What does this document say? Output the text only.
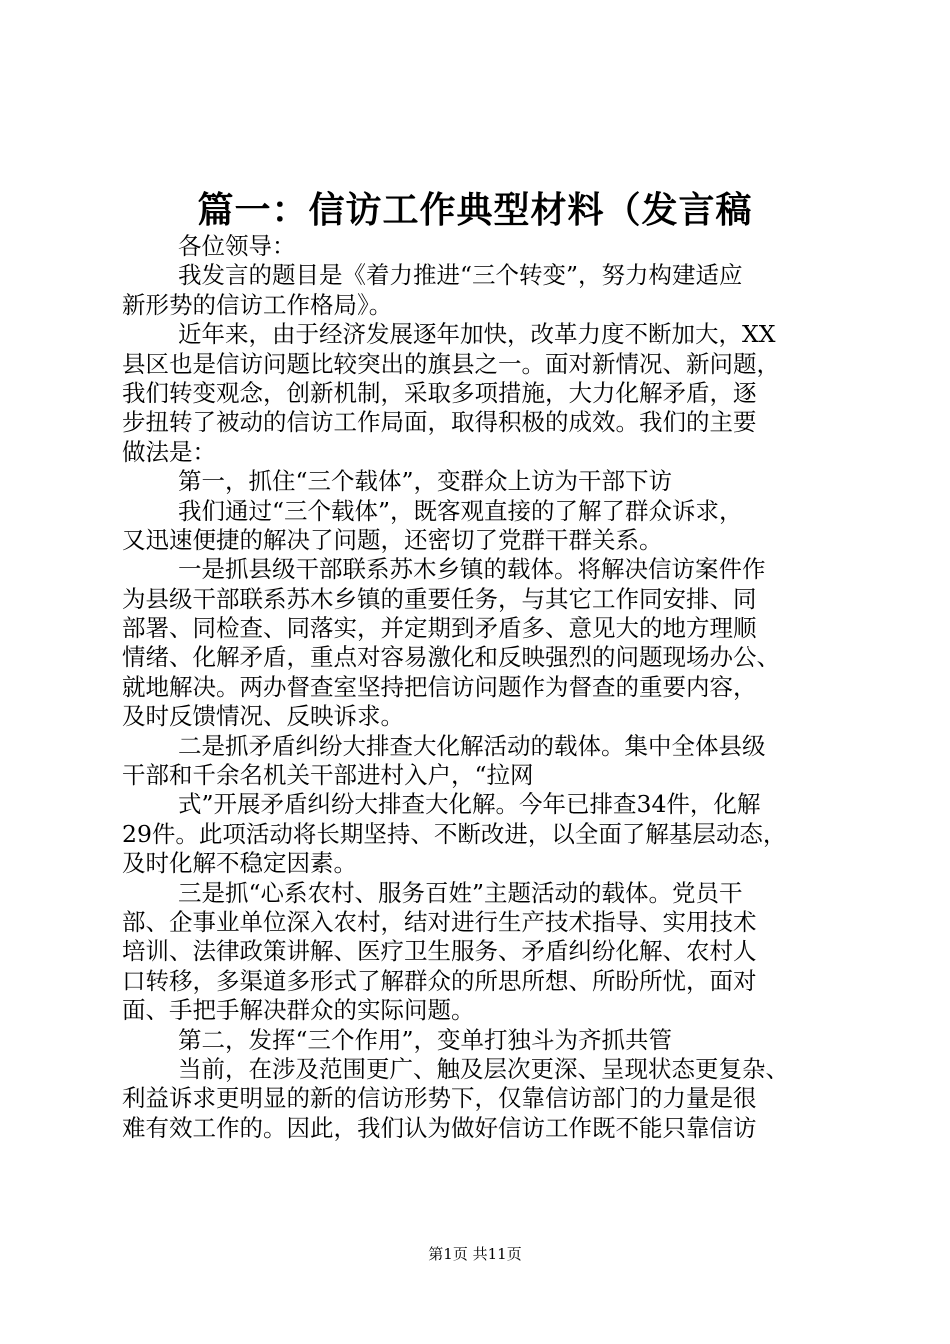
篇一：信访工作典型材料（发言稿
各位领导：
我发言的题目是《着力推进“三个转变”，努力构建适应
新形势的信访工作格局》。
近年来，由于经济发展逐年加快，改革力度不断加大，XX
县区也是信访问题比较突出的旗县之一。面对新情况、新问题，
我们转变观念，创新机制，采取多项措施，大力化解矛盾，逐
步扭转了被动的信访工作局面，取得积极的成效。我们的主要
做法是：
第一，抓住“三个载体”，变群众上访为干部下访
我们通过“三个载体”，既客观直接的了解了群众诉求，
又迅速便捷的解决了问题，还密切了党群干群关系。
一是抓县级干部联系苏木乡镇的载体。将解决信访案件作
为县级干部联系苏木乡镇的重要任务，与其它工作同安排、同
部署、同检查、同落实，并定期到矛盾多、意见大的地方理顺
情绪、化解矛盾，重点对容易激化和反映强烈的问题现场办公、
就地解决。两办督查室坚持把信访问题作为督查的重要内容，
及时反馈情况、反映诉求。
二是抓矛盾纠纷大排查大化解活动的载体。集中全体县级
干部和千余名机关干部进村入户，“拉网
式”开展矛盾纠纷大排查大化解。今年已排查34件，化解
29件。此项活动将长期坚持、不断改进，以全面了解基层动态，
及时化解不稳定因素。
三是抓“心系农村、服务百姓”主题活动的载体。党员干
部、企事业单位深入农村，结对进行生产技术指导、实用技术
培训、法律政策讲解、医疗卫生服务、矛盾纠纷化解、农村人
口转移，多渠道多形式了解群众的所思所想、所盼所忧，面对
面、手把手解决群众的实际问题。
第二，发挥“三个作用”，变单打独斗为齐抓共管
当前，在涉及范围更广、触及层次更深、呈现状态更复杂、
利益诉求更明显的新的信访形势下，仅靠信访部门的力量是很
难有效工作的。因此，我们认为做好信访工作既不能只靠信访
第1页 共11页
